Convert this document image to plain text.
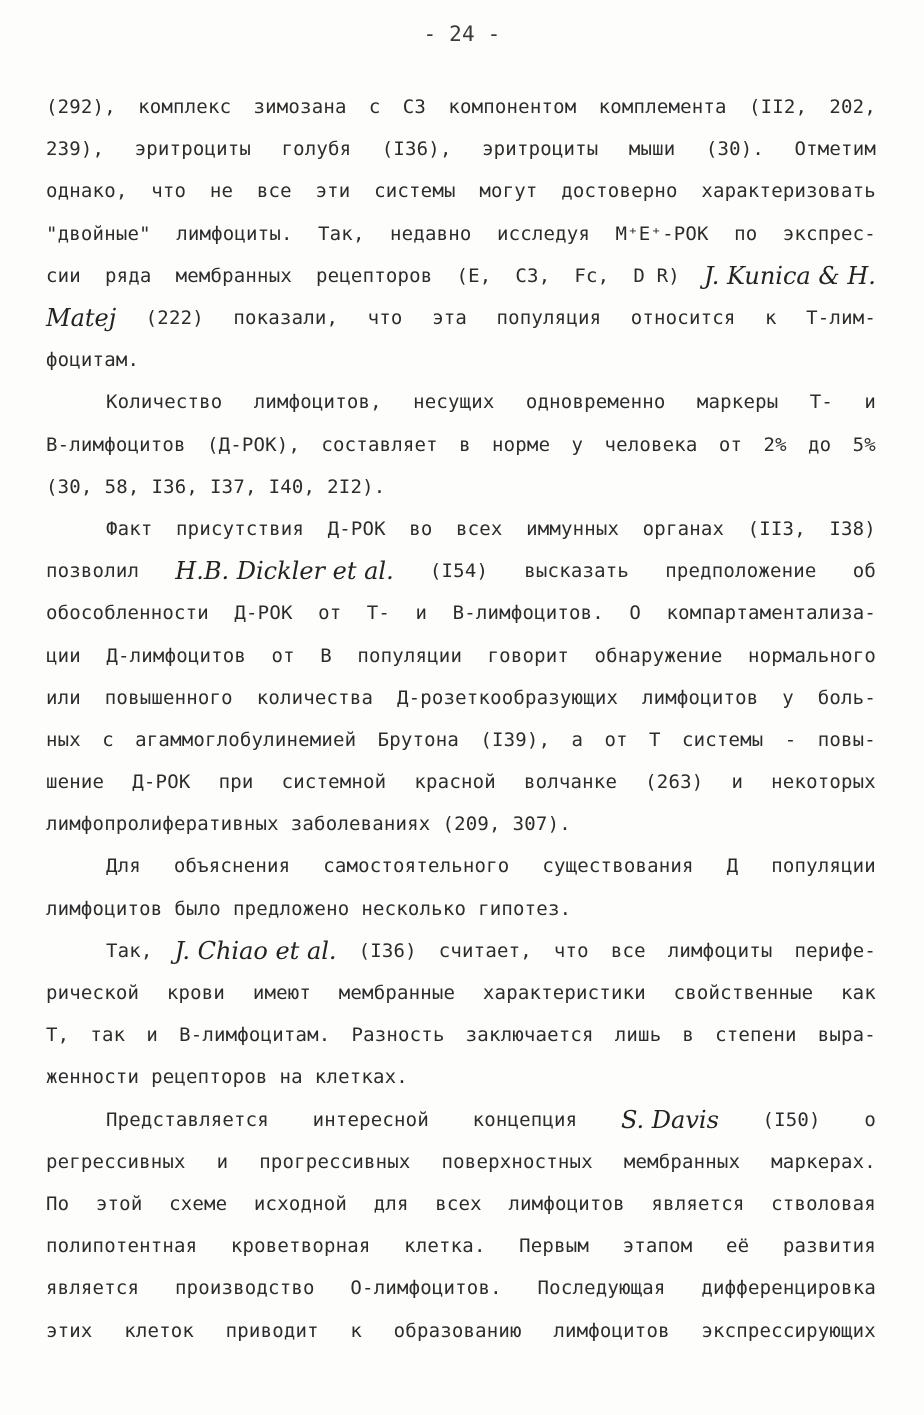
- 24 -
(292), комплекс зимозана с С3 компонентом комплемента (II2, 202,
239), эритроциты голубя (I36), эритроциты мыши (30). Отметим
однако, что не все эти системы могут достоверно характеризовать
"двойные" лимфоциты. Так, недавно исследуя M⁺E⁺-РОК по экспрес-
сии ряда мембранных рецепторов (E, C3, Fc, D R) J. Kunica & H.
Matej (222) показали, что эта популяция относится к Т-лим-
фоцитам.
Количество лимфоцитов, несущих одновременно маркеры Т- и
В-лимфоцитов (Д-РОК), составляет в норме у человека от 2% до 5%
(30, 58, I36, I37, I40, 2I2).
Факт присутствия Д-РОК во всех иммунных органах (II3, I38)
позволил H.B. Dickler et al. (I54) высказать предположение об
обособленности Д-РОК от Т- и В-лимфоцитов. О компартаментализа-
ции Д-лимфоцитов от В популяции говорит обнаружение нормального
или повышенного количества Д-розеткообразующих лимфоцитов у боль-
ных с агаммоглобулинемией Брутона (I39), а от Т системы - повы-
шение Д-РОК при системной красной волчанке (263) и некоторых
лимфопролиферативных заболеваниях (209, 307).
Для объяснения самостоятельного существования Д популяции
лимфоцитов было предложено несколько гипотез.
Так, J. Chiao et al. (I36) считает, что все лимфоциты перифе-
рической крови имеют мембранные характеристики свойственные как
Т, так и В-лимфоцитам. Разность заключается лишь в степени выра-
женности рецепторов на клетках.
Представляется интересной концепция S. Davis (I50) о
регрессивных и прогрессивных поверхностных мембранных маркерах.
По этой схеме исходной для всех лимфоцитов является стволовая
полипотентная кроветворная клетка. Первым этапом её развития
является производство О-лимфоцитов. Последующая дифференцировка
этих клеток приводит к образованию лимфоцитов экспрессирующих
